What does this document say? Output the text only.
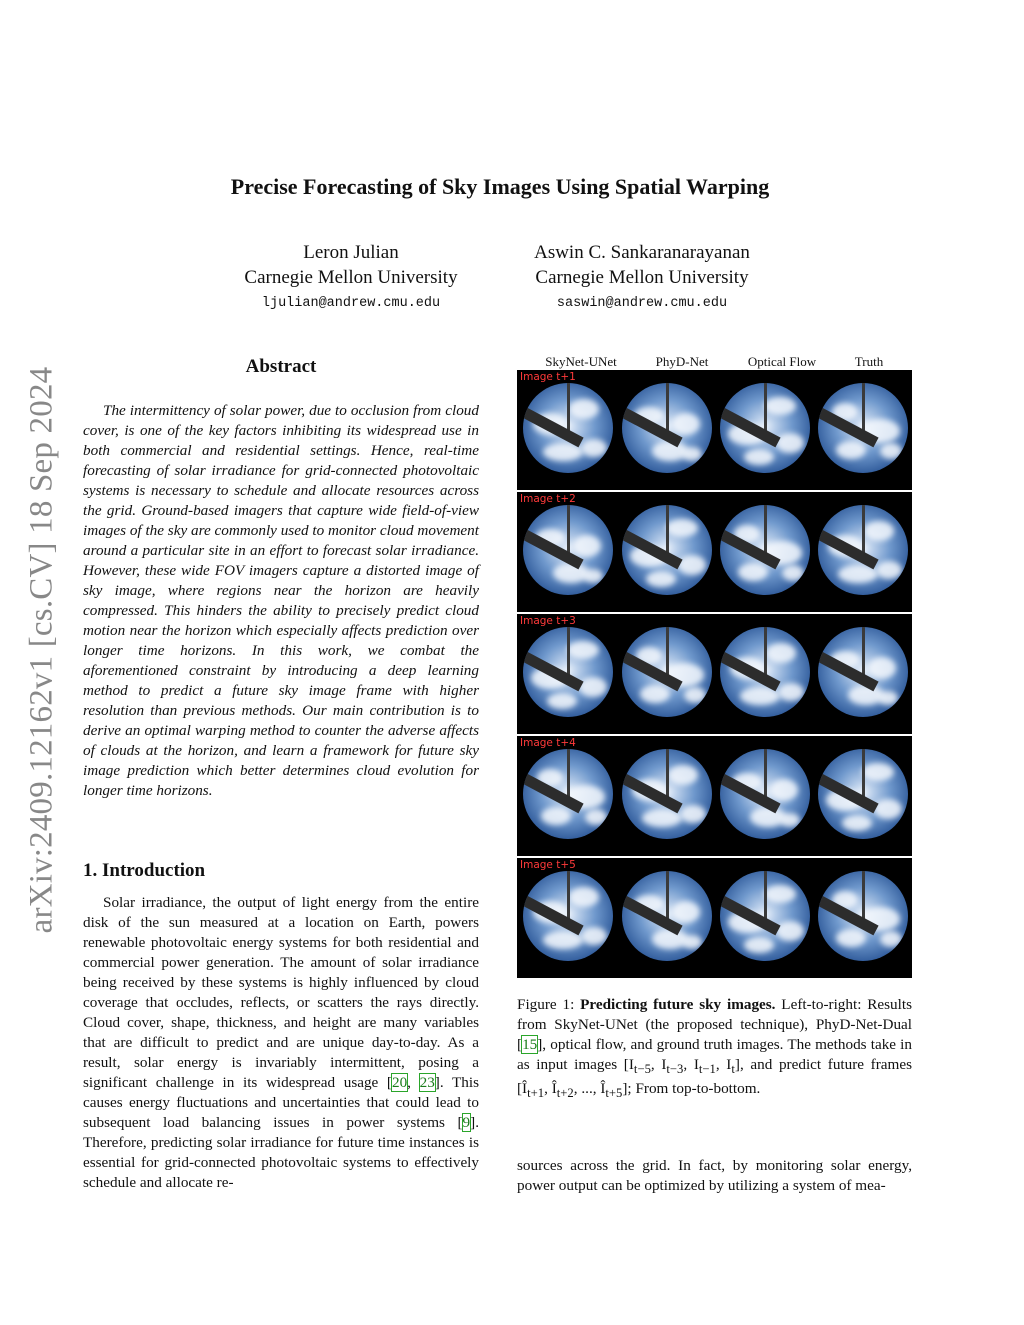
Precise Forecasting of Sky Images Using Spatial Warping
Leron Julian
Carnegie Mellon University
ljulian@andrew.cmu.edu
Aswin C. Sankaranarayanan
Carnegie Mellon University
saswin@andrew.cmu.edu
arXiv:2409.12162v1 [cs.CV] 18 Sep 2024
Abstract

The intermittency of solar power, due to occlusion from cloud cover, is one of the key factors inhibiting its widespread use in both commercial and residential settings. Hence, real-time forecasting of solar irradiance for grid-connected photovoltaic systems is necessary to schedule and allocate resources across the grid. Ground-based imagers that capture wide field-of-view images of the sky are commonly used to monitor cloud movement around a particular site in an effort to forecast solar irradiance. However, these wide FOV imagers capture a distorted image of sky image, where regions near the horizon are heavily compressed. This hinders the ability to precisely predict cloud motion near the horizon which especially affects prediction over longer time horizons. In this work, we combat the aforementioned constraint by introducing a deep learning method to predict a future sky image frame with higher resolution than previous methods. Our main contribution is to derive an optimal warping method to counter the adverse affects of clouds at the horizon, and learn a framework for future sky image prediction which better determines cloud evolution for longer time horizons.

1. Introduction

Solar irradiance, the output of light energy from the entire disk of the sun measured at a location on Earth, powers renewable photovoltaic energy systems for both residential and commercial power generation. The amount of solar irradiance being received by these systems is highly influenced by cloud coverage that occludes, reflects, or scatters the rays directly. Cloud cover, shape, thickness, and height are many variables that are difficult to predict and are unique day-to-day. As a result, solar energy is invariably intermittent, posing a significant challenge in its widespread usage [20, 23]. This causes energy fluctuations and uncertainties that could lead to subsequent load balancing issues in power systems [9]. Therefore, predicting solar irradiance for future time instances is essential for grid-connected photovoltaic systems to effectively schedule and allocate re-

SkyNet-UNet	PhyD-Net	Optical Flow	Truth
Image t+1
Image t+2
Image t+3
Image t+4
Image t+5

Figure 1: Predicting future sky images. Left-to-right: Results from SkyNet-UNet (the proposed technique), PhyD-Net-Dual [15], optical flow, and ground truth images. The methods take in as input images [$I_{t-5}$, $I_{t-3}$, $I_{t-1}$, $I_t$], and predict future frames [$Î_{t+1}$, $Î_{t+2}$, ..., $Î_{t+5}$]; From top-to-bottom.

sources across the grid. In fact, by monitoring solar energy, power output can be optimized by utilizing a system of mea-
